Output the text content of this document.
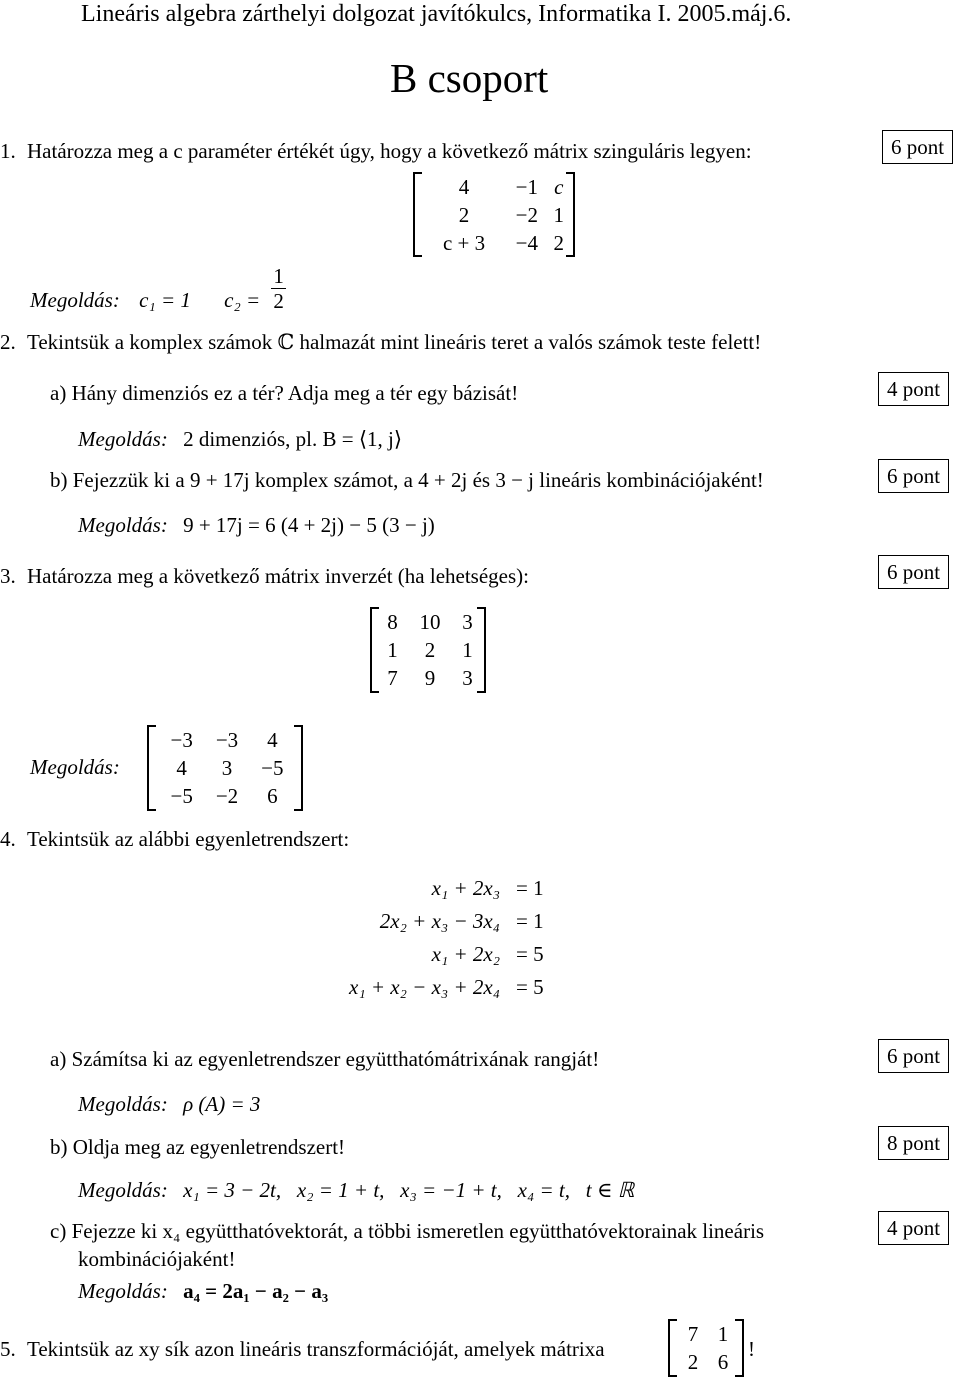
Lineáris algebra zárthelyi dolgozat javítókulcs, Informatika I. 2005.máj.6.
B csoport
1. Határozza meg a c paraméter értékét úgy, hogy a következő mátrix szinguláris legyen:	6 pont
4	−1	c
2	−2	1
c + 3	−4	2
Megoldás: c₁ = 1 $c_2 = \frac{1}{2}$
2. Tekintsük a komplex számok ℂ halmazát mint lineáris teret a valós számok teste felett!
a) Hány dimenziós ez a tér? Adja meg a tér egy bázisát!	4 pont
Megoldás: 2 dimenziós, pl. B = ⟨1, j⟩
b) Fejezzük ki a 9 + 17j komplex számot, a 4 + 2j és 3 − j lineáris kombinációjaként!	6 pont
Megoldás: 9 + 17j = 6 (4 + 2j) − 5 (3 − j)
3. Határozza meg a következő mátrix inverzét (ha lehetséges):	6 pont
8	10	3
1	2	1
7	9	3
Megoldás:
−3	−3	4
4	3	−5
−5	−2	6
4. Tekintsük az alábbi egyenletrendszert:
x₁ + 2x₃	= 1
2x₂ + x₃ − 3x₄	= 1
x₁ + 2x₂	= 5
x₁ + x₂ − x₃ + 2x₄	= 5
a) Számítsa ki az egyenletrendszer együtthatómátrixának rangját!	6 pont
Megoldás: ρ (A) = 3
b) Oldja meg az egyenletrendszert!	8 pont
Megoldás: x₁ = 3 − 2t,   x₂ = 1 + t,   x₃ = −1 + t,   x₄ = t,   t ∈ ℝ
c) Fejezze ki x₄ együtthatóvektorát, a többi ismeretlen együtthatóvektorainak lineáris
kombinációjaként!
4 pont
Megoldás: a₄ = 2a₁ − a₂ − a₃
5. Tekintsük az xy sík azon lineáris transzformációját, amelyek mátrixa
7	1
2	6
!
